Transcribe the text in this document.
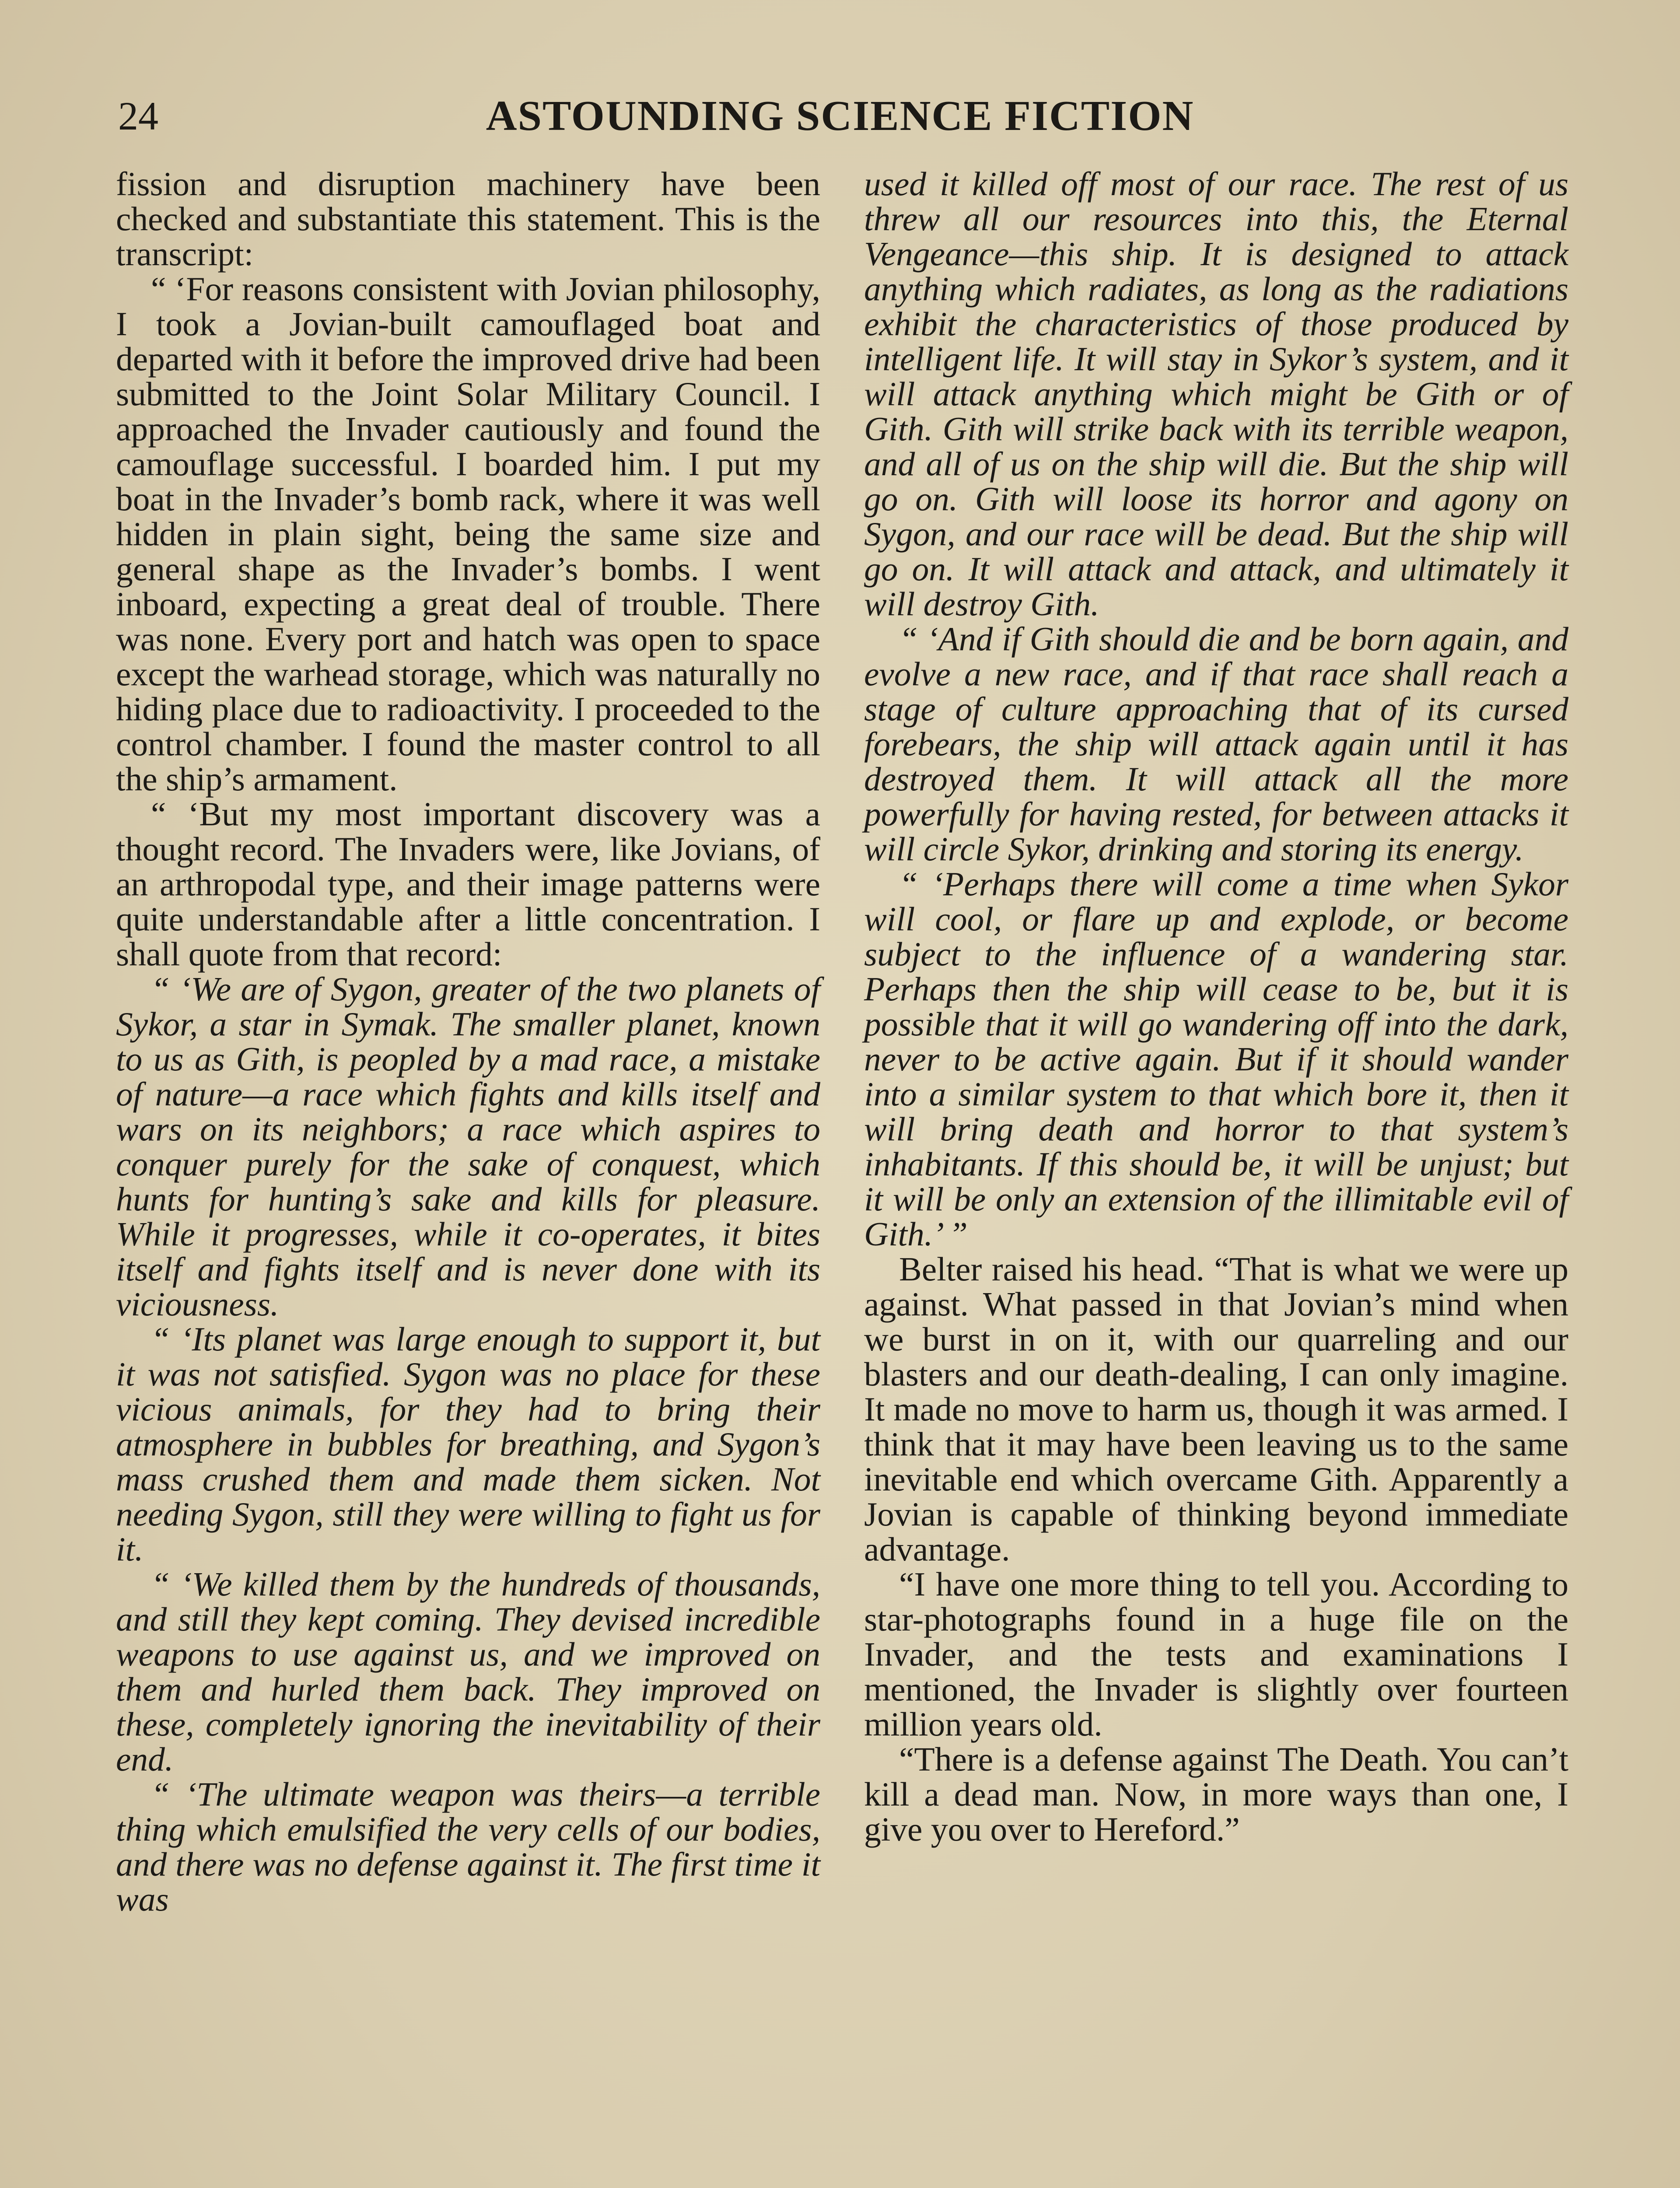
24	ASTOUNDING SCIENCE FICTION

fission and disruption machinery have been checked and substantiate this statement. This is the transcript:

“ ‘For reasons consistent with Jovian philosophy, I took a Jovian-built camouflaged boat and departed with it before the improved drive had been submitted to the Joint Solar Military Council. I approached the Invader cautiously and found the camouflage successful. I boarded him. I put my boat in the Invader’s bomb rack, where it was well hidden in plain sight, being the same size and general shape as the Invader’s bombs. I went inboard, expecting a great deal of trouble. There was none. Every port and hatch was open to space except the warhead storage, which was naturally no hiding place due to radioactivity. I proceeded to the control chamber. I found the master control to all the ship’s armament.

“ ‘But my most important discovery was a thought record. The Invaders were, like Jovians, of an arthropodal type, and their image patterns were quite understandable after a little concentration. I shall quote from that record:

“ ‘We are of Sygon, greater of the two planets of Sykor, a star in Symak. The smaller planet, known to us as Gith, is peopled by a mad race, a mistake of nature—a race which fights and kills itself and wars on its neighbors; a race which aspires to conquer purely for the sake of conquest, which hunts for hunting’s sake and kills for pleasure. While it progresses, while it co-operates, it bites itself and fights itself and is never done with its viciousness.

“ ‘Its planet was large enough to support it, but it was not satisfied. Sygon was no place for these vicious animals, for they had to bring their atmosphere in bubbles for breathing, and Sygon’s mass crushed them and made them sicken. Not needing Sygon, still they were willing to fight us for it.

“ ‘We killed them by the hundreds of thousands, and still they kept coming. They devised incredible weapons to use against us, and we improved on them and hurled them back. They improved on these, completely ignoring the inevitability of their end.

“ ‘The ultimate weapon was theirs—a terrible thing which emulsified the very cells of our bodies, and there was no defense against it. The first time it was

used it killed off most of our race. The rest of us threw all our resources into this, the Eternal Vengeance—this ship. It is designed to attack anything which radiates, as long as the radiations exhibit the characteristics of those produced by intelligent life. It will stay in Sykor’s system, and it will attack anything which might be Gith or of Gith. Gith will strike back with its terrible weapon, and all of us on the ship will die. But the ship will go on. Gith will loose its horror and agony on Sygon, and our race will be dead. But the ship will go on. It will attack and attack, and ultimately it will destroy Gith.

“ ‘And if Gith should die and be born again, and evolve a new race, and if that race shall reach a stage of culture approaching that of its cursed forebears, the ship will attack again until it has destroyed them. It will attack all the more powerfully for having rested, for between attacks it will circle Sykor, drinking and storing its energy.

“ ‘Perhaps there will come a time when Sykor will cool, or flare up and explode, or become subject to the influence of a wandering star. Perhaps then the ship will cease to be, but it is possible that it will go wandering off into the dark, never to be active again. But if it should wander into a similar system to that which bore it, then it will bring death and horror to that system’s inhabitants. If this should be, it will be unjust; but it will be only an extension of the illimitable evil of Gith.’ ”

Belter raised his head. “That is what we were up against. What passed in that Jovian’s mind when we burst in on it, with our quarreling and our blasters and our death-dealing, I can only imagine. It made no move to harm us, though it was armed. I think that it may have been leaving us to the same inevitable end which overcame Gith. Apparently a Jovian is capable of thinking beyond immediate advantage.

“I have one more thing to tell you. According to star-photographs found in a huge file on the Invader, and the tests and examinations I mentioned, the Invader is slightly over fourteen million years old.

“There is a defense against The Death. You can’t kill a dead man. Now, in more ways than one, I give you over to Hereford.”
